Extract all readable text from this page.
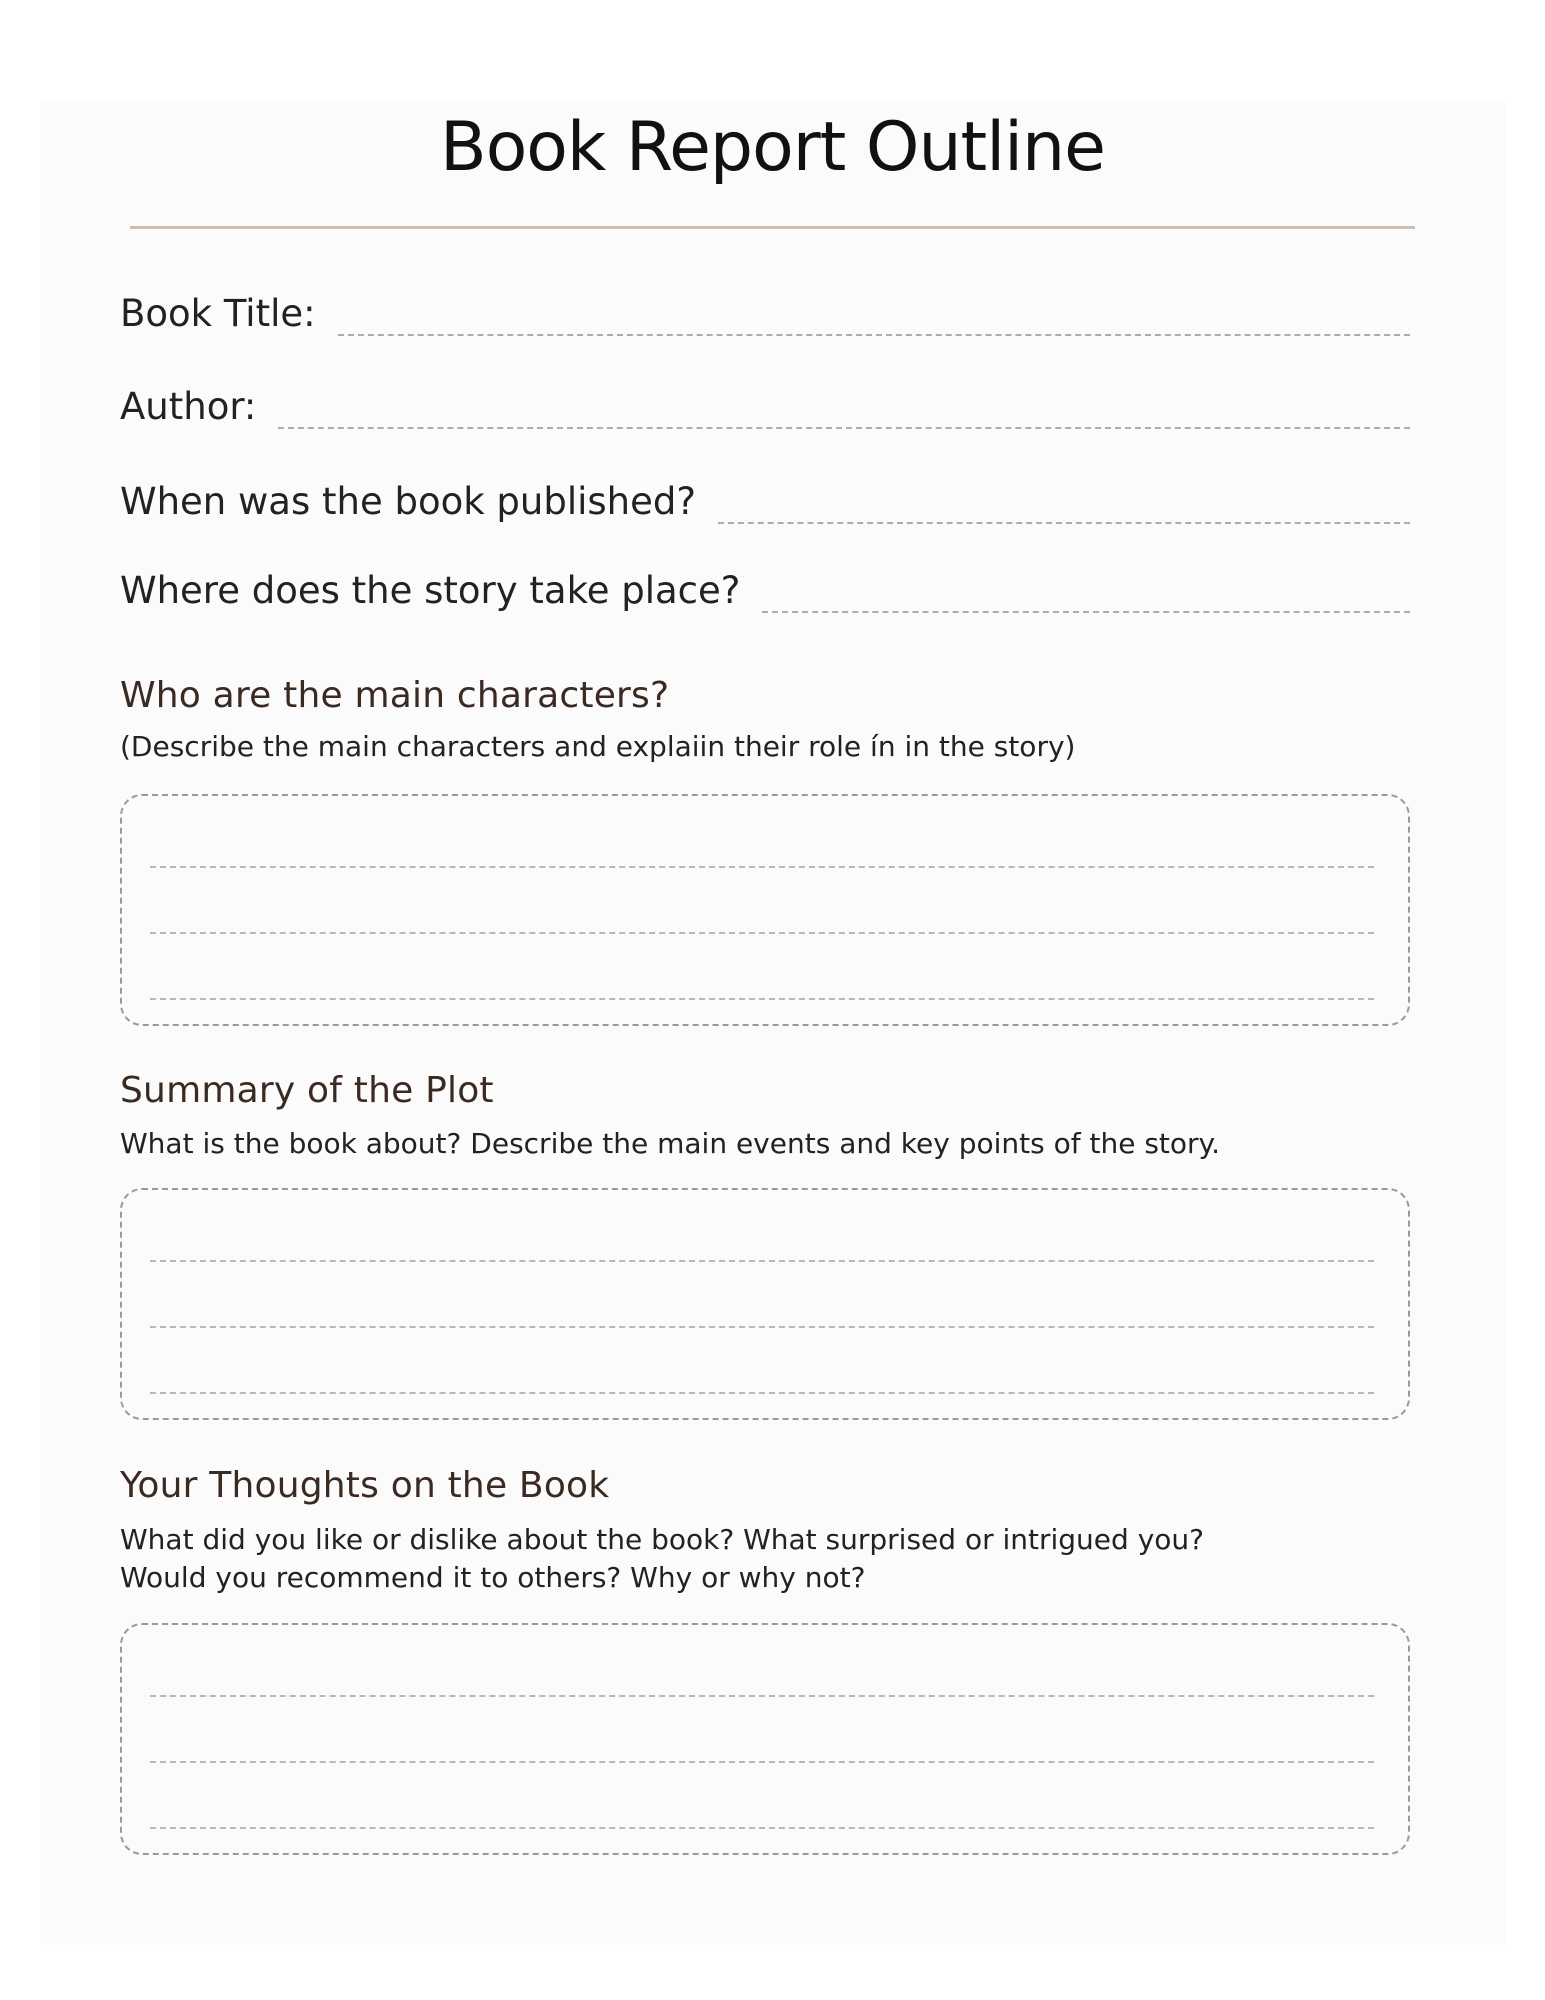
Book Report Outline
Book Title:
Author:
When was the book published?
Where does the story take place?
Who are the main characters?

(Describe the main characters and explaiin their role ín in the story)

Summary of the Plot

What is the book about? Describe the main events and key points of the story.

Your Thoughts on the Book

What did you like or dislike about the book? What surprised or intrigued you?

Would you recommend it to others? Why or why not?
